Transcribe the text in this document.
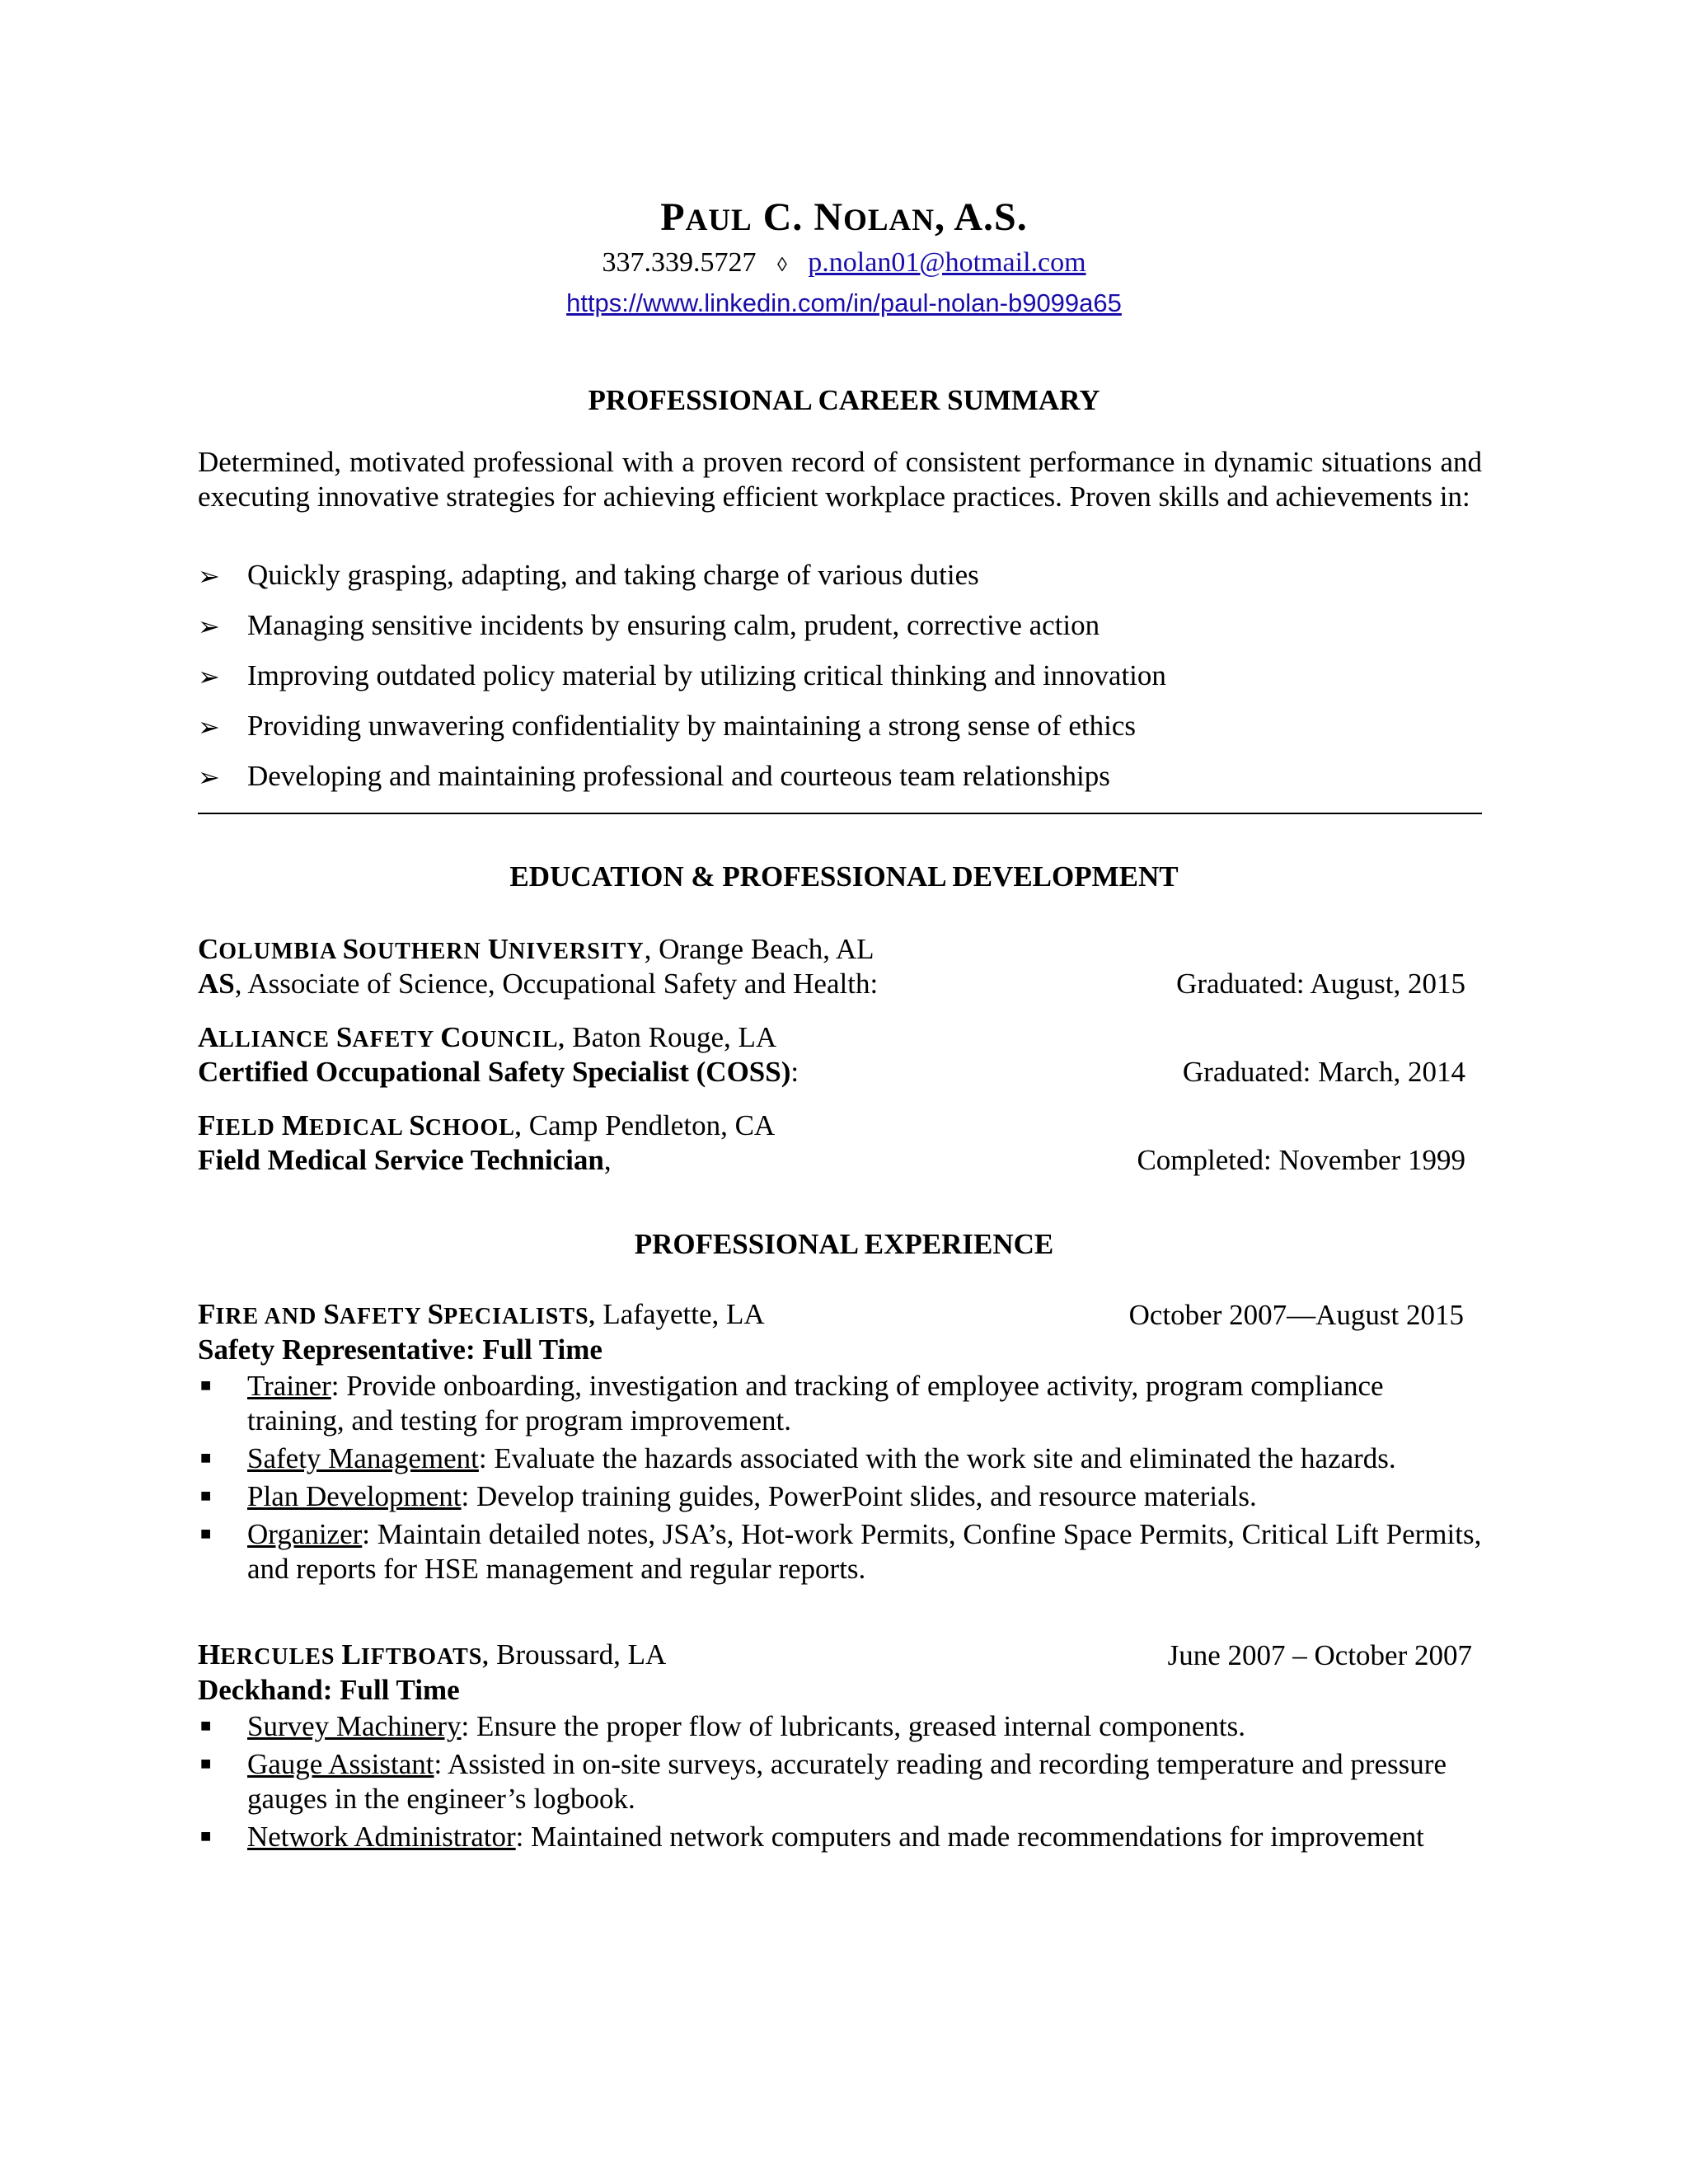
PAUL C. NOLAN, A.S.
337.339.5727 ◊ p.nolan01@hotmail.com
https://www.linkedin.com/in/paul-nolan-b9099a65
PROFESSIONAL CAREER SUMMARY
Determined, motivated professional with a proven record of consistent performance in dynamic situations and executing innovative strategies for achieving efficient workplace practices. Proven skills and achievements in:
➢ Quickly grasping, adapting, and taking charge of various duties
➢ Managing sensitive incidents by ensuring calm, prudent, corrective action
➢ Improving outdated policy material by utilizing critical thinking and innovation
➢ Providing unwavering confidentiality by maintaining a strong sense of ethics
➢ Developing and maintaining professional and courteous team relationships
EDUCATION & PROFESSIONAL DEVELOPMENT
COLUMBIA SOUTHERN UNIVERSITY, Orange Beach, AL
AS, Associate of Science, Occupational Safety and Health:	Graduated: August, 2015
ALLIANCE SAFETY COUNCIL, Baton Rouge, LA
Certified Occupational Safety Specialist (COSS):	Graduated: March, 2014
FIELD MEDICAL SCHOOL, Camp Pendleton, CA
Field Medical Service Technician,	Completed: November 1999
PROFESSIONAL EXPERIENCE
FIRE AND SAFETY SPECIALISTS, Lafayette, LA	October 2007—August 2015
Safety Representative: Full Time
■ Trainer: Provide onboarding, investigation and tracking of employee activity, program compliance training, and testing for program improvement.
■ Safety Management: Evaluate the hazards associated with the work site and eliminated the hazards.
■ Plan Development: Develop training guides, PowerPoint slides, and resource materials.
■ Organizer: Maintain detailed notes, JSA’s, Hot-work Permits, Confine Space Permits, Critical Lift Permits, and reports for HSE management and regular reports.
HERCULES LIFTBOATS, Broussard, LA	June 2007 – October 2007
Deckhand: Full Time
■ Survey Machinery: Ensure the proper flow of lubricants, greased internal components.
■ Gauge Assistant: Assisted in on-site surveys, accurately reading and recording temperature and pressure gauges in the engineer’s logbook.
■ Network Administrator: Maintained network computers and made recommendations for improvement
